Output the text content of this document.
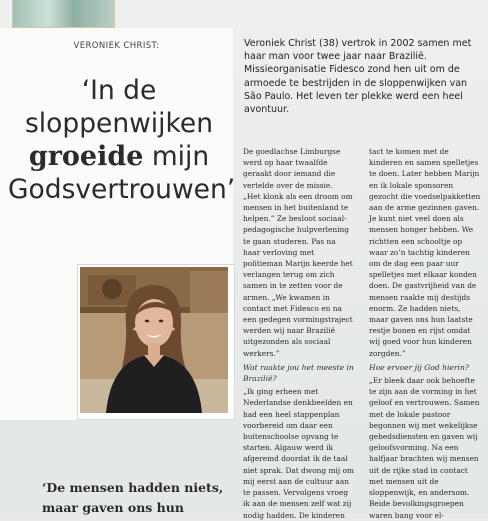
VERONIEK CHRIST:
‘In de
sloppenwijken
groeide mijn
Godsvertrouwen’
Veroniek Christ (38) vertrok in 2002 samen met haar man voor twee jaar naar Brazilië. Missieorganisatie Fidesco zond hen uit om de armoede te bestrijden in de sloppenwijken van São Paulo. Het leven ter plekke werd een heel avontuur.

De goedlachse Limburgse werd op haar twaalfde geraakt door iemand die vertelde over de missie.

„Het klonk als een droom om mensen in het buitenland te helpen.” Ze besloot sociaal-pedagogische hulpverlening te gaan studeren. Pas na haar verloving met politieman Marijn keerde het verlangen terug om zich samen in te zetten voor de armen. „We kwamen in contact met Fidesco en na een gedegen vormingstraject werden wij naar Brazilië uitgezonden als sociaal werkers.”

Wat raakte jou het meeste in Brazilië?

„Ik ging erheen met Nederlandse denkbeelden en had een heel stappenplan voorbereid om daar een buitenschoolse opvang te starten. Algauw werd ik afgeremd doordat ik de taal niet sprak. Dat dwong mij om mij eerst aan de cultuur aan te passen. Vervolgens vroeg ik aan de mensen zelf wat zij nodig hadden. De kinderen

tact te komen met de kinderen en samen spelletjes te doen. Later hebben Marijn en ik lokale sponsoren gezocht die voedselpakketten aan de arme gezinnen gaven. Je kunt niet veel doen als mensen honger hebben. We richtten een schooltje op waar zo’n tachtig kinderen om de dag een paar uur spelletjes met elkaar konden doen. De gastvrijheid van de mensen raakte mij destijds enorm. Ze hadden niets, maar gaven ons hun laatste restje bonen en rijst omdat wij goed voor hun kinderen zorgden.”

Hoe ervoer jij God hierin?

„Er bleek daar ook behoefte te zijn aan de vorming in het geloof en vertrouwen. Samen met de lokale pastoor begonnen wij met wekelijkse gebedsdiensten en gaven wij geloofsvorming. Na een halfjaar brachten wij mensen uit de rijke stad in contact met mensen uit de sloppenwijk, en andersom. Beide bevolkingsgroepen waren bang voor el-

‘De mensen hadden niets, maar gaven ons hun
